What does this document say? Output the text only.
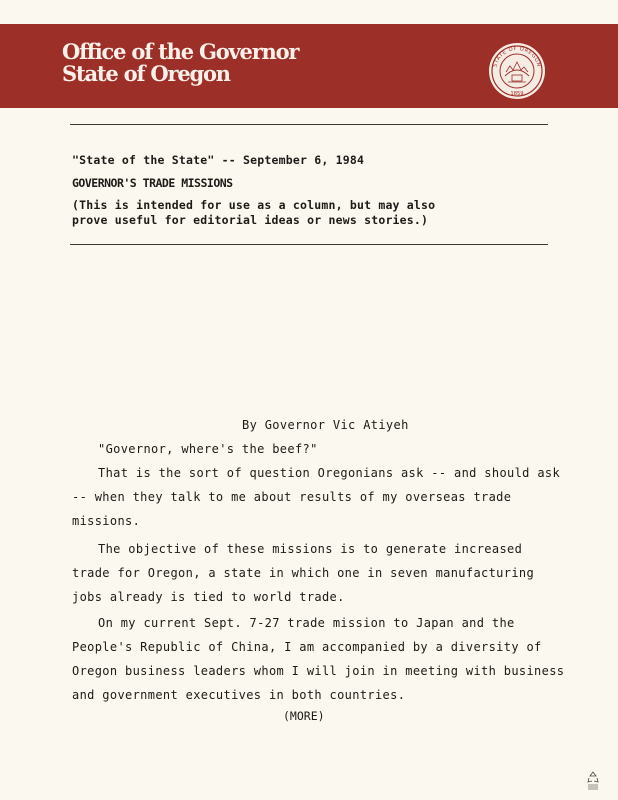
Office of the Governor
State of Oregon	STATE OF OREGON
1859
"State of the State" -- September 6, 1984
GOVERNOR'S TRADE MISSIONS
(This is intended for use as a column, but may also
prove useful for editorial ideas or news stories.)
By Governor Vic Atiyeh
"Governor, where's the beef?"
That is the sort of question Oregonians ask -- and should ask
-- when they talk to me about results of my overseas trade
missions.
The objective of these missions is to generate increased
trade for Oregon, a state in which one in seven manufacturing
jobs already is tied to world trade.
On my current Sept. 7-27 trade mission to Japan and the
People's Republic of China, I am accompanied by a diversity of
Oregon business leaders whom I will join in meeting with business
and government executives in both countries.
(MORE)
